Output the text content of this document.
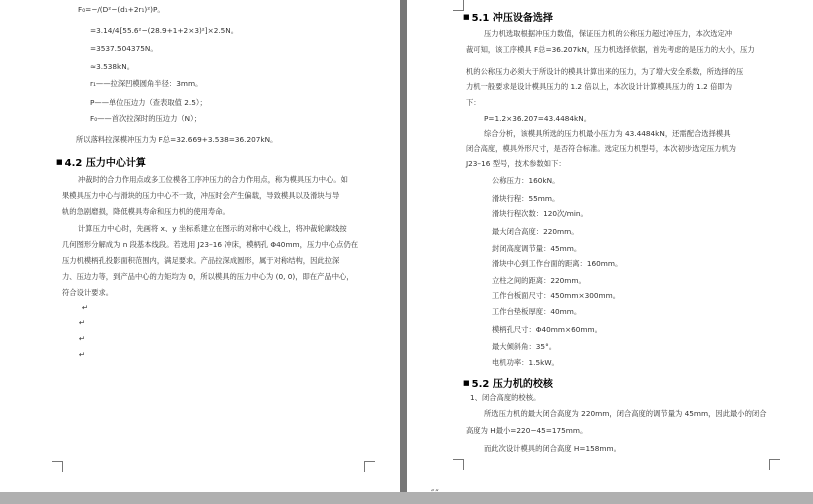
F₀=−/(D²−(d₁+2r₁)²)P。
=3.14/4[55.6²−(28.9+1+2×3)²]×2.5N。
=3537.504375N。
≈3.538kN。
r₁——拉深凹模圆角半径：3mm。
P——单位压边力（查表取值 2.5）；
F₀——首次拉深时的压边力（N）；
所以落料拉深模冲压力为 F总=32.669+3.538=36.207kN。
■ 4.2 压力中心计算
冲裁时的合力作用点或多工位模各工序冲压力的合力作用点，称为模具压力中心。如
果模具压力中心与滑块的压力中心不一致，冲压时会产生偏载，导致模具以及滑块与导
轨的急剧磨损，降低模具寿命和压力机的使用寿命。
计算压力中心时，先画将 x、y 坐标系建立在图示的对称中心线上，将冲裁轮廓线按
几何图形分解成为 n 段基本线段。若选用 J23–16 冲床，模柄孔 Φ40mm，压力中心点仍在
压力机模柄孔投影面积范围内，满足要求。产品拉深成圆形，属于对称结构，因此拉深
力、压边力等，到产品中心的力矩均为 0，所以模具的压力中心为 (0, 0)，即在产品中心，
符合设计要求。
↵
↵
↵
↵
■ 5.1 冲压设备选择
压力机选取根据冲压力数值，保证压力机的公称压力超过冲压力，本次选定冲
裁可知，该工序模具 F总=36.207kN，压力机选择依据，首先考虑的是压力的大小，压力
机的公称压力必须大于所设计的模具计算出来的压力，为了增大安全系数，所选择的压
力机一般要求是设计模具压力的 1.2 倍以上，本次设计计算模具压力的 1.2 倍即为
下：
P=1.2×36.207=43.4484kN。
综合分析，该模具所选的压力机最小压力为 43.4484kN，还需配合选择模具
闭合高度，模具外形尺寸，是否符合标准。选定压力机型号，本次初步选定压力机为
J23–16 型号，技术参数如下：
公称压力：160kN。
滑块行程：55mm。
滑块行程次数：120次/min。
最大闭合高度：220mm。
封闭高度调节量：45mm。
滑块中心到工作台面的距离：160mm。
立柱之间的距离：220mm。
工作台板面尺寸：450mm×300mm。
工作台垫板厚度：40mm。
模柄孔尺寸：Φ40mm×60mm。
最大倾斜角：35°。
电机功率：1.5kW。
■ 5.2 压力机的校核
1、闭合高度的校核。
所选压力机的最大闭合高度为 220mm，闭合高度的调节量为 45mm，因此最小的闭合
高度为 H最小=220−45=175mm。
而此次设计模具的闭合高度 H=158mm。
″″
